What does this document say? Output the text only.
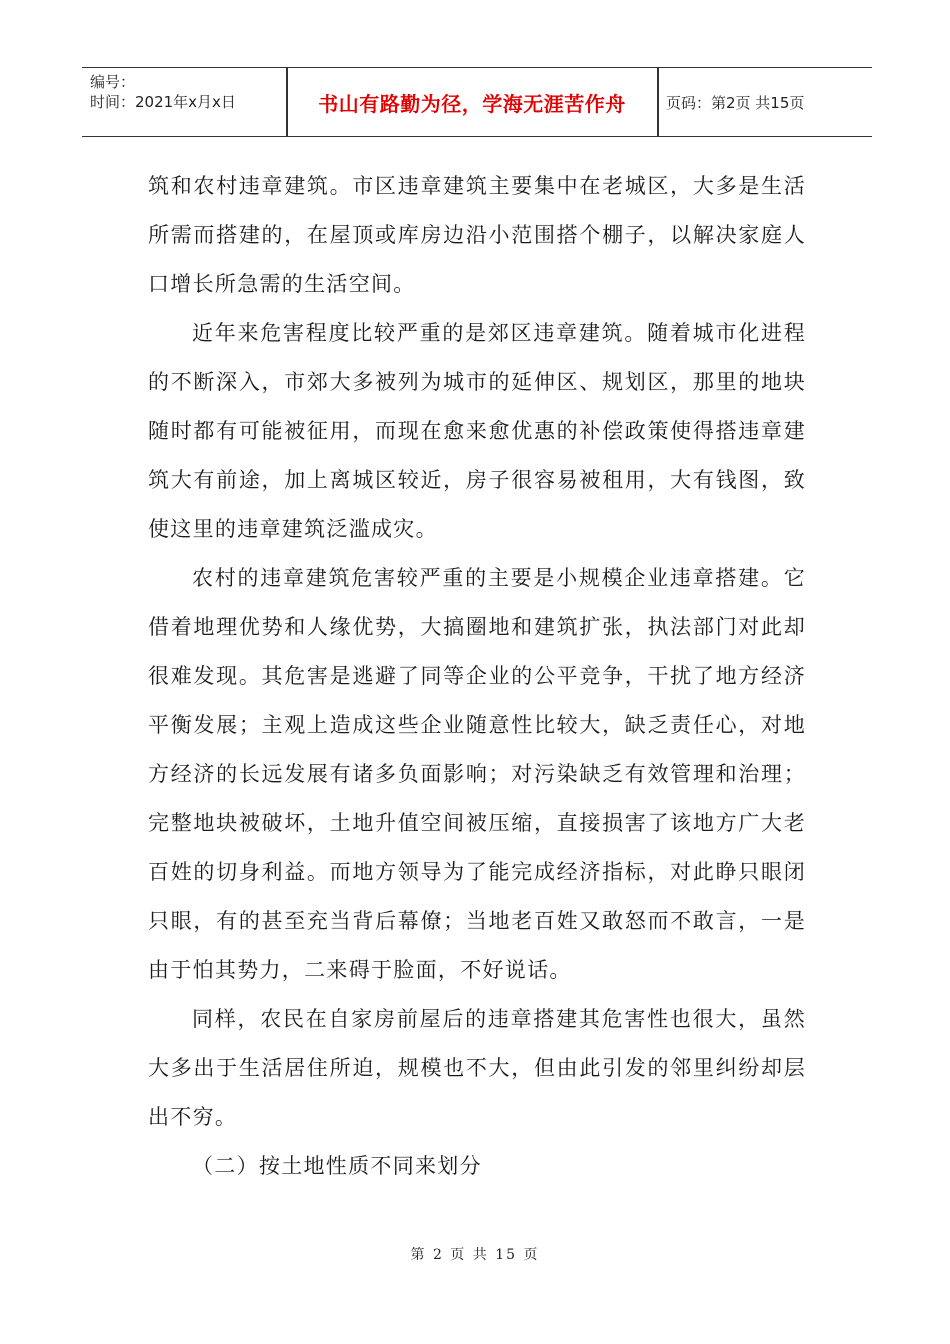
编号：
时间：2021年x月x日	书山有路勤为径，学海无涯苦作舟	页码：第2页 共15页

筑和农村违章建筑。市区违章建筑主要集中在老城区，大多是生活所需而搭建的，在屋顶或库房边沿小范围搭个棚子，以解决家庭人口增长所急需的生活空间。

近年来危害程度比较严重的是郊区违章建筑。随着城市化进程的不断深入，市郊大多被列为城市的延伸区、规划区，那里的地块随时都有可能被征用，而现在愈来愈优惠的补偿政策使得搭违章建筑大有前途，加上离城区较近，房子很容易被租用，大有钱图，致使这里的违章建筑泛滥成灾。

农村的违章建筑危害较严重的主要是小规模企业违章搭建。它借着地理优势和人缘优势，大搞圈地和建筑扩张，执法部门对此却很难发现。其危害是逃避了同等企业的公平竞争，干扰了地方经济平衡发展；主观上造成这些企业随意性比较大，缺乏责任心，对地方经济的长远发展有诸多负面影响；对污染缺乏有效管理和治理；完整地块被破坏，土地升值空间被压缩，直接损害了该地方广大老百姓的切身利益。而地方领导为了能完成经济指标，对此睁只眼闭只眼，有的甚至充当背后幕僚；当地老百姓又敢怒而不敢言，一是由于怕其势力，二来碍于脸面，不好说话。

同样，农民在自家房前屋后的违章搭建其危害性也很大，虽然大多出于生活居住所迫，规模也不大，但由此引发的邻里纠纷却层出不穷。

（二）按土地性质不同来划分

第 2 页 共 15 页
